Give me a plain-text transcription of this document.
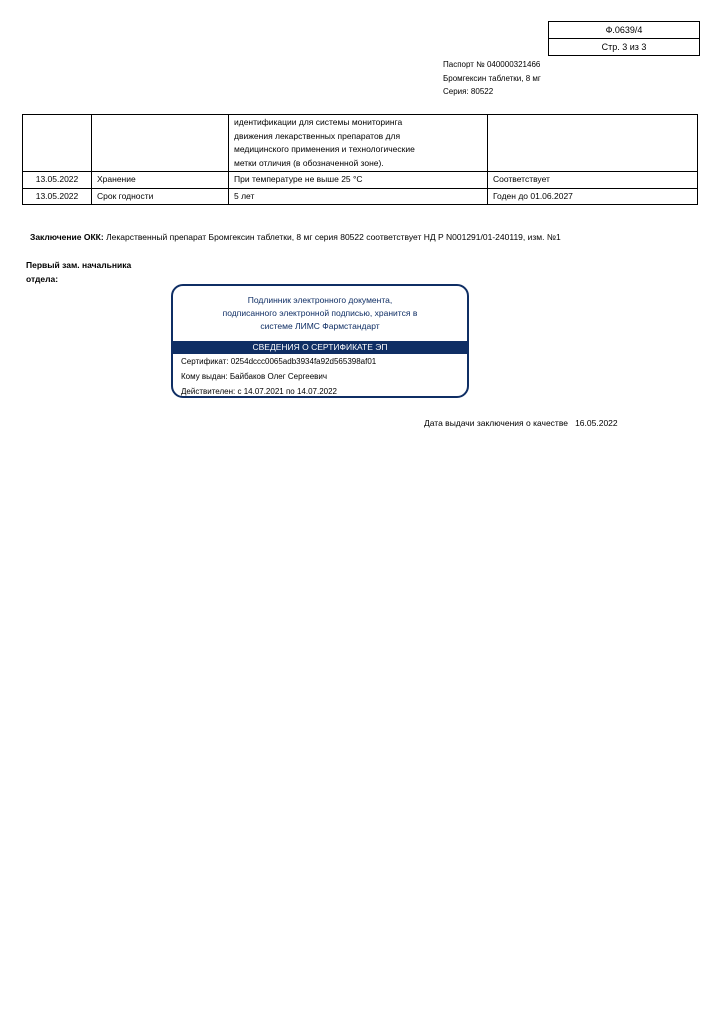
Ф.0639/4
Стр. 3 из 3
Паспорт № 040000321466
Бромгексин таблетки, 8 мг
Серия: 80522

		идентификации для системы мониторинга
движения лекарственных препаратов для
медицинского применения и технологические
метки отличия (в обозначенной зоне).	

13.05.2022	Хранение	При температуре не выше 25 °C	Соответствует
13.05.2022	Срок годности	5 лет	Годен до 01.06.2027
Заключение ОКК: Лекарственный препарат Бромгексин таблетки, 8 мг серия 80522 соответствует НД Р N001291/01-240119, изм. №1
Первый зам. начальника
отдела:
Подлинник электронного документа,
подписанного электронной подписью, хранится в
системе ЛИМС Фармстандарт
СВЕДЕНИЯ О СЕРТИФИКАТЕ ЭП
Сертификат: 0254dccc0065adb3934fa92d565398af01
Кому выдан: Байбаков Олег Сергеевич
Действителен: с 14.07.2021 по 14.07.2022
Дата выдачи заключения о качестве 16.05.2022
